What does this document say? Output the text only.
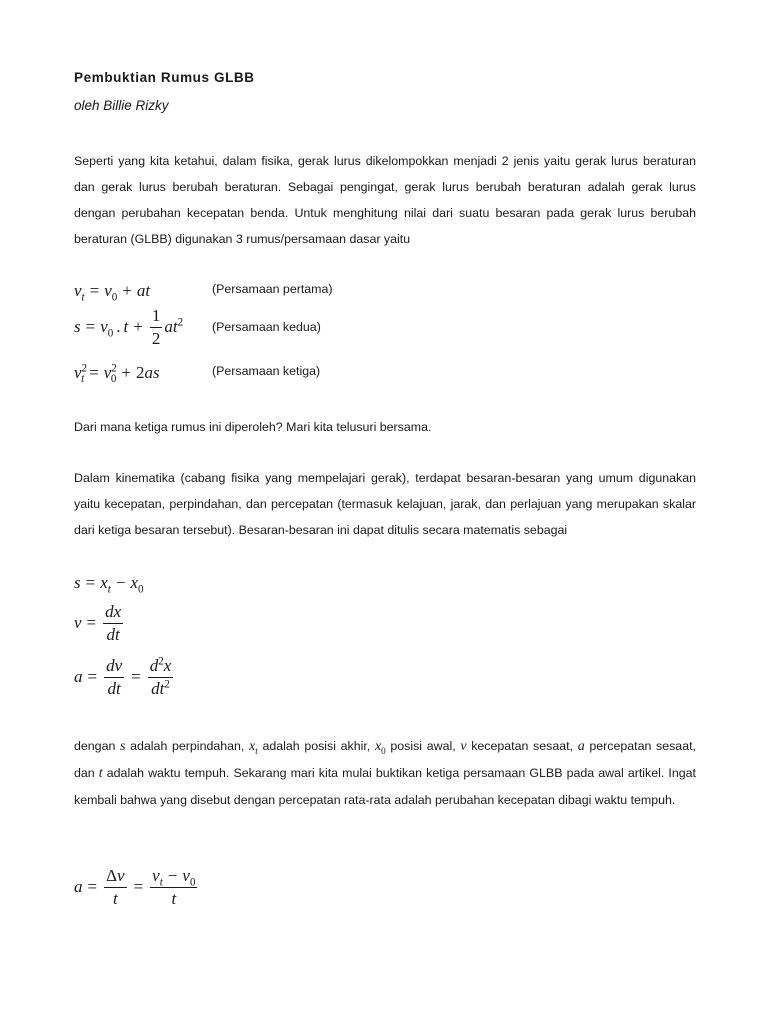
Pembuktian Rumus GLBB
oleh Billie Rizky
Seperti yang kita ketahui, dalam fisika, gerak lurus dikelompokkan menjadi 2 jenis yaitu gerak lurus beraturan dan gerak lurus berubah beraturan. Sebagai pengingat, gerak lurus berubah beraturan adalah gerak lurus dengan perubahan kecepatan benda. Untuk menghitung nilai dari suatu besaran pada gerak lurus berubah beraturan (GLBB) digunakan 3 rumus/persamaan dasar yaitu
$v_t = v_0$ + at	(Persamaan pertama)
$s = v_0$ . $t + \frac{1}{2} at^2$ (Persamaan kedua)
$v^2_t = v^2_0 + 2as$	(Persamaan ketiga)
Dari mana ketiga rumus ini diperoleh? Mari kita telusuri bersama.
Dalam kinematika (cabang fisika yang mempelajari gerak), terdapat besaran-besaran yang umum digunakan yaitu kecepatan, perpindahan, dan percepatan (termasuk kelajuan, jarak, dan perlajuan yang merupakan skalar dari ketiga besaran tersebut). Besaran-besaran ini dapat ditulis secara matematis sebagai
$s = x_t - x_0$
$v = \frac{dx}{dt}$
$a = \frac{dv}{dt} = \frac{d^2x}{dt^2}$
dengan s adalah perpindahan, $x_t$ adalah posisi akhir, $x_0$ posisi awal, v kecepatan sesaat, a percepatan sesaat, dan t adalah waktu tempuh. Sekarang mari kita mulai buktikan ketiga persamaan GLBB pada awal artikel. Ingat kembali bahwa yang disebut dengan percepatan rata-rata adalah perubahan kecepatan dibagi waktu tempuh.
$a = \frac{\Delta v}{t} = \frac{v_t - v_0}{t}$
